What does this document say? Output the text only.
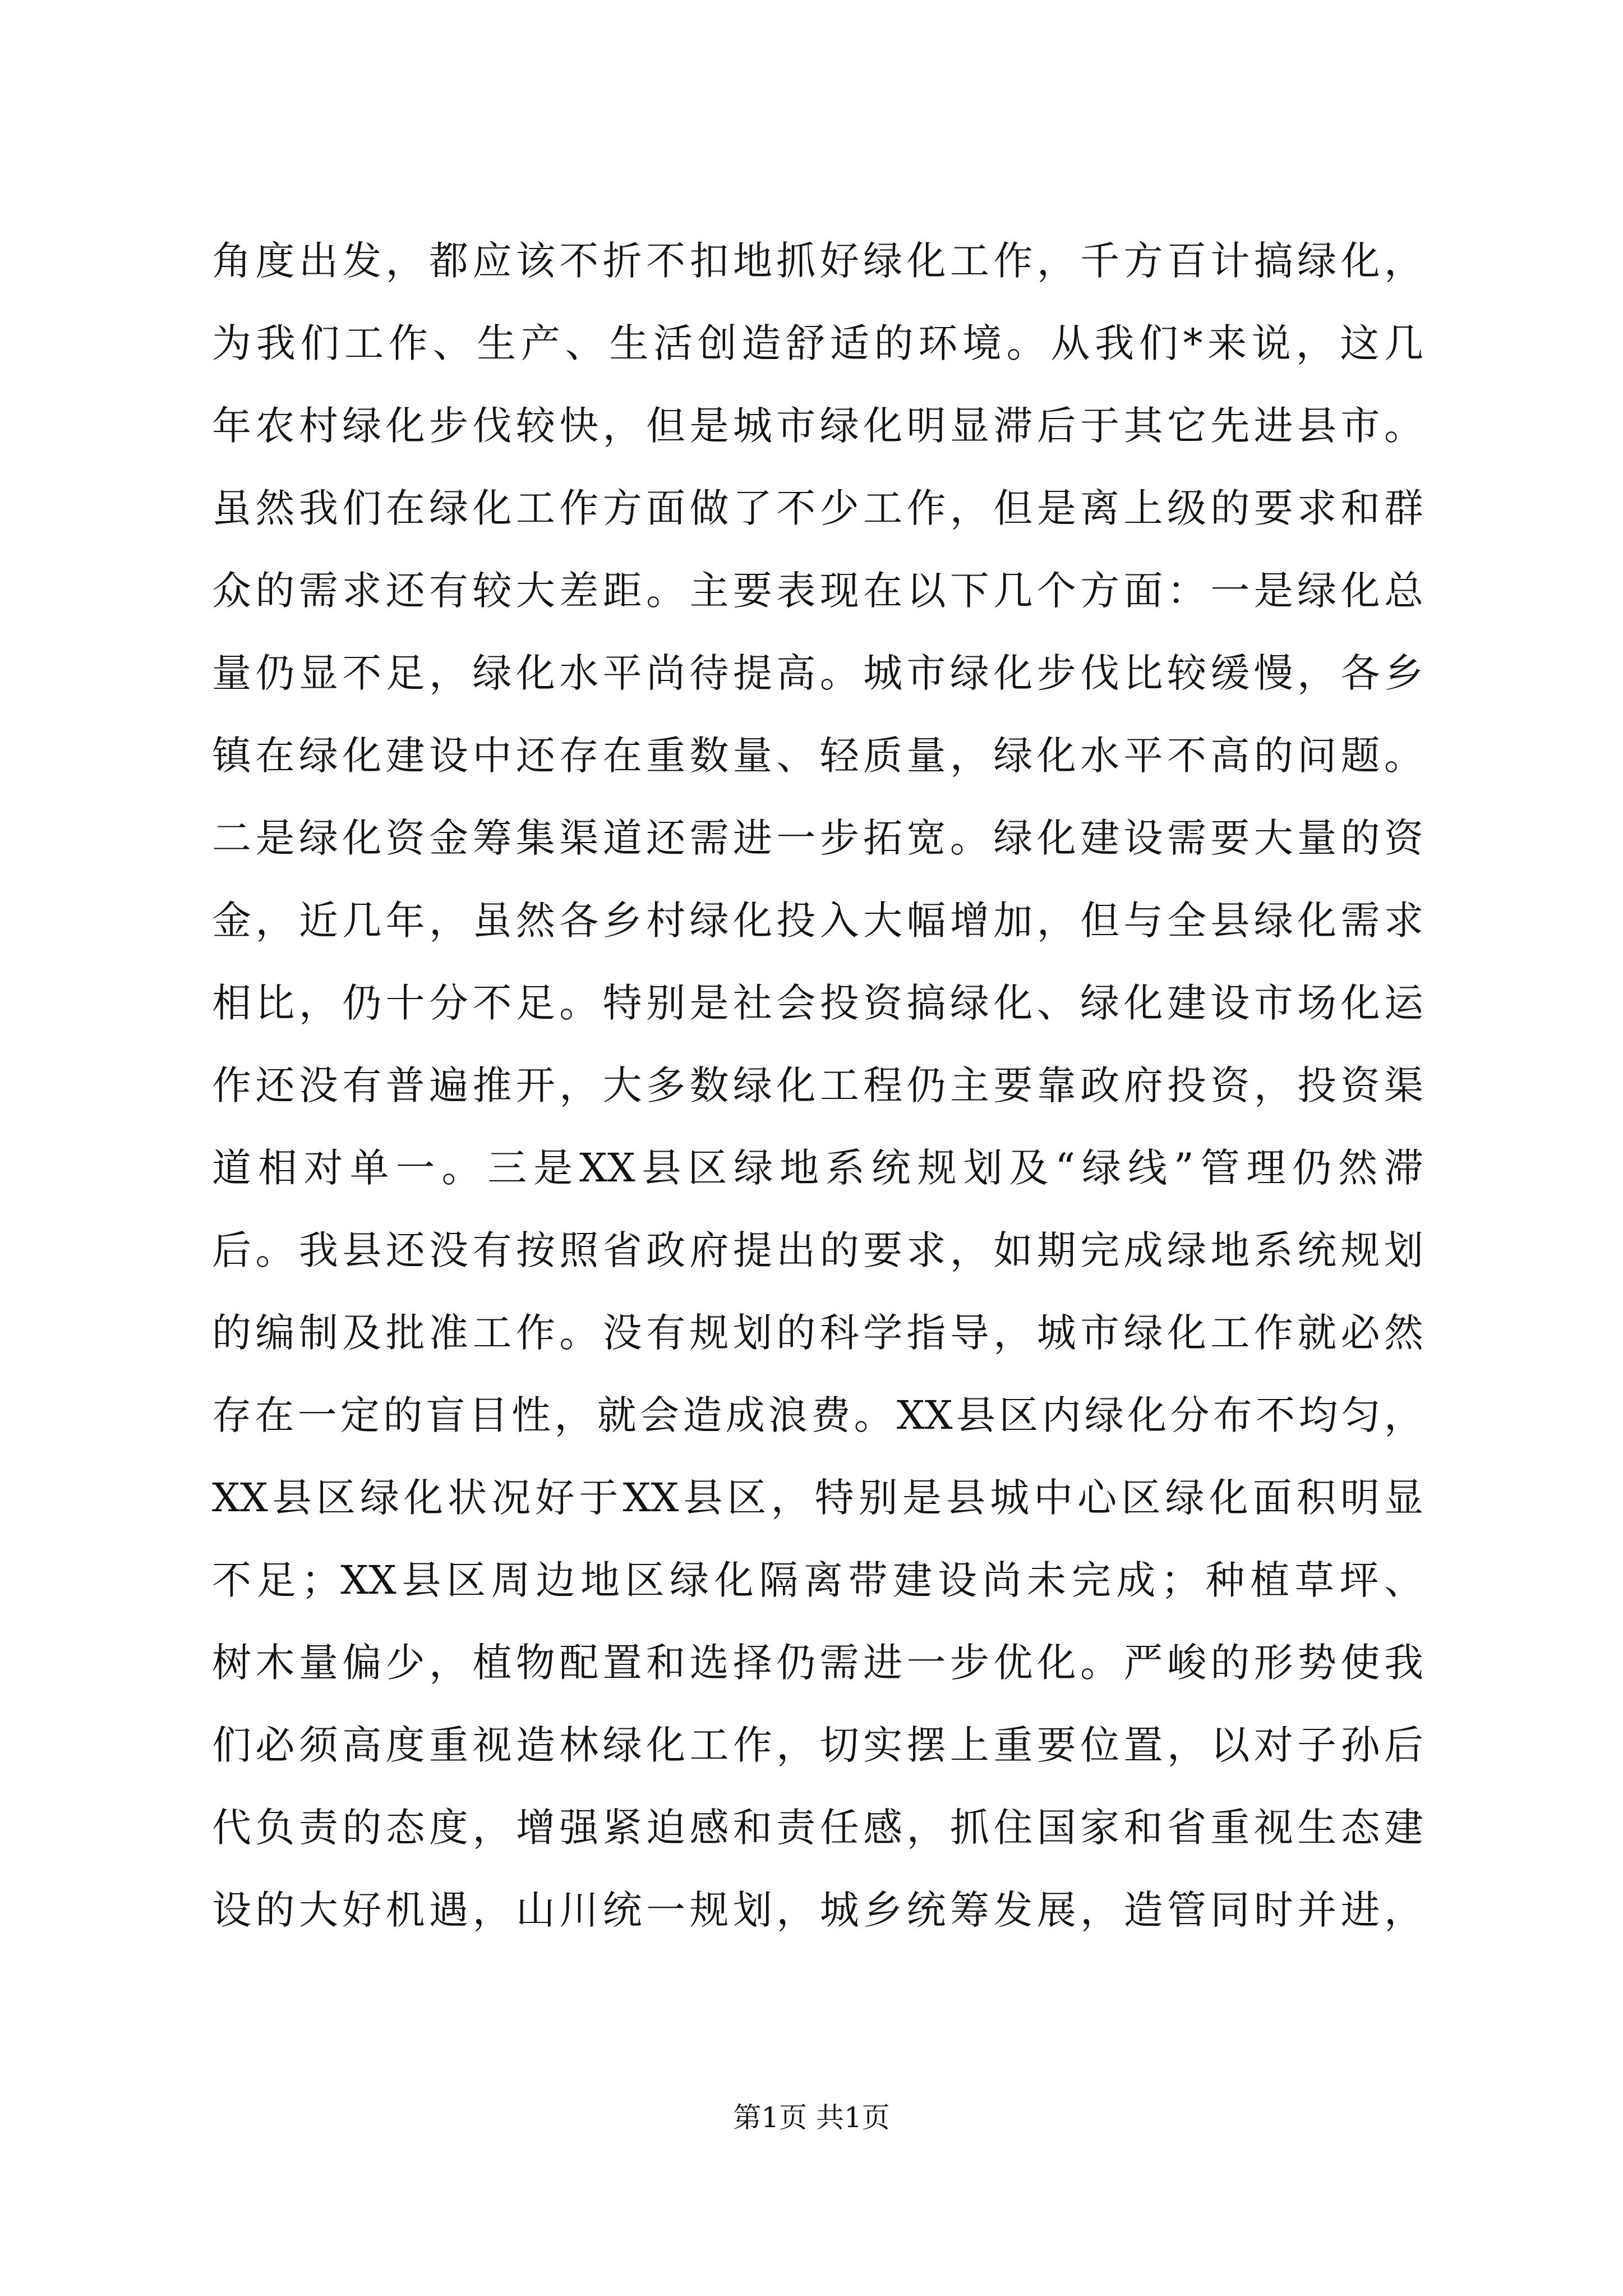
角度出发，都应该不折不扣地抓好绿化工作，千方百计搞绿化，
为我们工作、生产、生活创造舒适的环境。从我们*来说，这几
年农村绿化步伐较快，但是城市绿化明显滞后于其它先进县市。
虽然我们在绿化工作方面做了不少工作，但是离上级的要求和群
众的需求还有较大差距。主要表现在以下几个方面：一是绿化总
量仍显不足，绿化水平尚待提高。城市绿化步伐比较缓慢，各乡
镇在绿化建设中还存在重数量、轻质量，绿化水平不高的问题。
二是绿化资金筹集渠道还需进一步拓宽。绿化建设需要大量的资
金，近几年，虽然各乡村绿化投入大幅增加，但与全县绿化需求
相比，仍十分不足。特别是社会投资搞绿化、绿化建设市场化运
作还没有普遍推开，大多数绿化工程仍主要靠政府投资，投资渠
道相对单一。三是XX县区绿地系统规划及“绿线”管理仍然滞
后。我县还没有按照省政府提出的要求，如期完成绿地系统规划
的编制及批准工作。没有规划的科学指导，城市绿化工作就必然
存在一定的盲目性，就会造成浪费。XX县区内绿化分布不均匀，
XX县区绿化状况好于XX县区，特别是县城中心区绿化面积明显
不足；XX县区周边地区绿化隔离带建设尚未完成；种植草坪、
树木量偏少，植物配置和选择仍需进一步优化。严峻的形势使我
们必须高度重视造林绿化工作，切实摆上重要位置，以对子孙后
代负责的态度，增强紧迫感和责任感，抓住国家和省重视生态建
设的大好机遇，山川统一规划，城乡统筹发展，造管同时并进，
第1页 共1页
